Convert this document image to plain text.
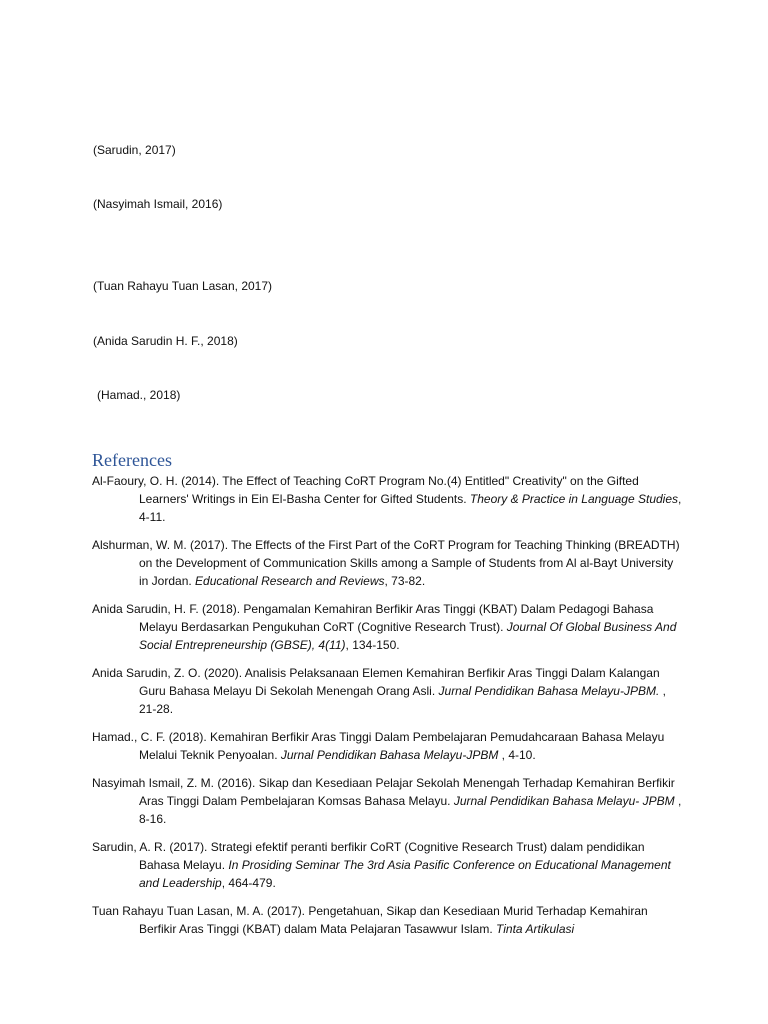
(Sarudin, 2017)
(Nasyimah Ismail, 2016)
(Tuan Rahayu Tuan Lasan, 2017)
(Anida Sarudin H. F., 2018)
(Hamad., 2018)
References
Al-Faoury, O. H. (2014). The Effect of Teaching CoRT Program No.(4) Entitled" Creativity" on the Gifted Learners' Writings in Ein El-Basha Center for Gifted Students. Theory & Practice in Language Studies, 4-11.
Alshurman, W. M. (2017). The Effects of the First Part of the CoRT Program for Teaching Thinking (BREADTH) on the Development of Communication Skills among a Sample of Students from Al al-Bayt University in Jordan. Educational Research and Reviews, 73-82.
Anida Sarudin, H. F. (2018). Pengamalan Kemahiran Berfikir Aras Tinggi (KBAT) Dalam Pedagogi Bahasa Melayu Berdasarkan Pengukuhan CoRT (Cognitive Research Trust). Journal Of Global Business And Social Entrepreneurship (GBSE), 4(11), 134-150.
Anida Sarudin, Z. O. (2020). Analisis Pelaksanaan Elemen Kemahiran Berfikir Aras Tinggi Dalam Kalangan Guru Bahasa Melayu Di Sekolah Menengah Orang Asli. Jurnal Pendidikan Bahasa Melayu-JPBM. , 21-28.
Hamad., C. F. (2018). Kemahiran Berfikir Aras Tinggi Dalam Pembelajaran Pemudahcaraan Bahasa Melayu Melalui Teknik Penyoalan. Jurnal Pendidikan Bahasa Melayu-JPBM , 4-10.
Nasyimah Ismail, Z. M. (2016). Sikap dan Kesediaan Pelajar Sekolah Menengah Terhadap Kemahiran Berfikir Aras Tinggi Dalam Pembelajaran Komsas Bahasa Melayu. Jurnal Pendidikan Bahasa Melayu- JPBM , 8-16.
Sarudin, A. R. (2017). Strategi efektif peranti berfikir CoRT (Cognitive Research Trust) dalam pendidikan Bahasa Melayu. In Prosiding Seminar The 3rd Asia Pasific Conference on Educational Management and Leadership, 464-479.
Tuan Rahayu Tuan Lasan, M. A. (2017). Pengetahuan, Sikap dan Kesediaan Murid Terhadap Kemahiran Berfikir Aras Tinggi (KBAT) dalam Mata Pelajaran Tasawwur Islam. Tinta Artikulasi
